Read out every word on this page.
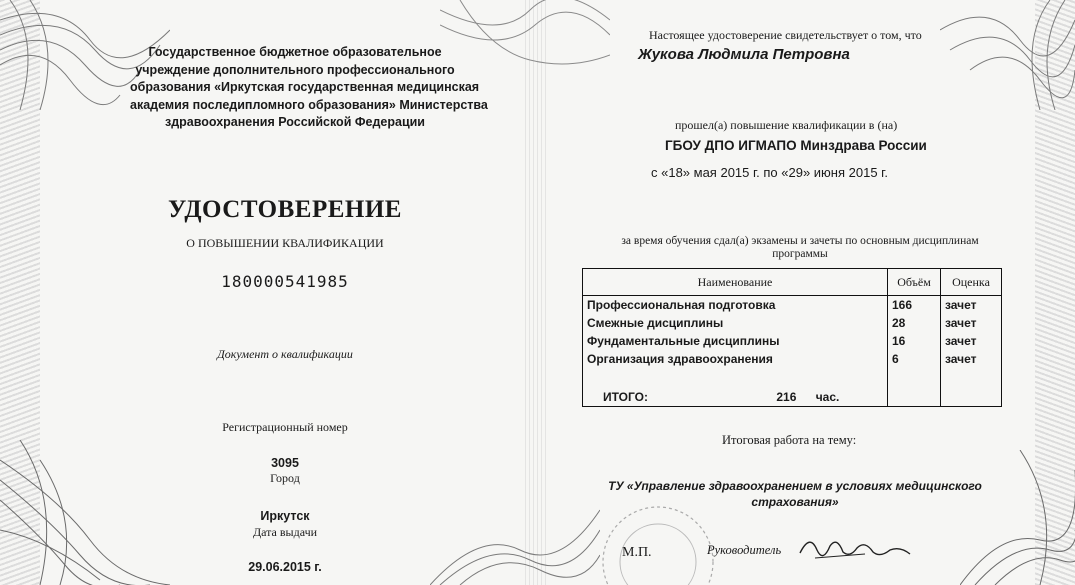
Государственное бюджетное образовательное
учреждение дополнительного профессионального
образования «Иркутская государственная медицинская
академия последипломного образования» Министерства
здравоохранения Российской Федерации
УДОСТОВЕРЕНИЕ
О ПОВЫШЕНИИ КВАЛИФИКАЦИИ
180000541985
Документ о квалификации
Регистрационный номер
3095
Город
Иркутск
Дата выдачи
29.06.2015 г.
Настоящее удостоверение свидетельствует о том, что
Жукова Людмила Петровна
прошел(а) повышение квалификации в (на)
ГБОУ ДПО ИГМАПО Минздрава России
с «18» мая 2015 г. по «29» июня 2015 г.
за время обучения сдал(а) экзамены и зачеты по основным дисциплинам
программы
Наименование	Объём	Оценка
Профессиональная подготовка	166	зачет
Смежные дисциплины	28	зачет
Фундаментальные дисциплины	16	зачет
Организация здравоохранения	6	зачет

ИТОГО: 216 час.		
Итоговая работа на тему:
ТУ «Управление здравоохранением в условиях медицинского
страхования»
М.П.	Руководитель
